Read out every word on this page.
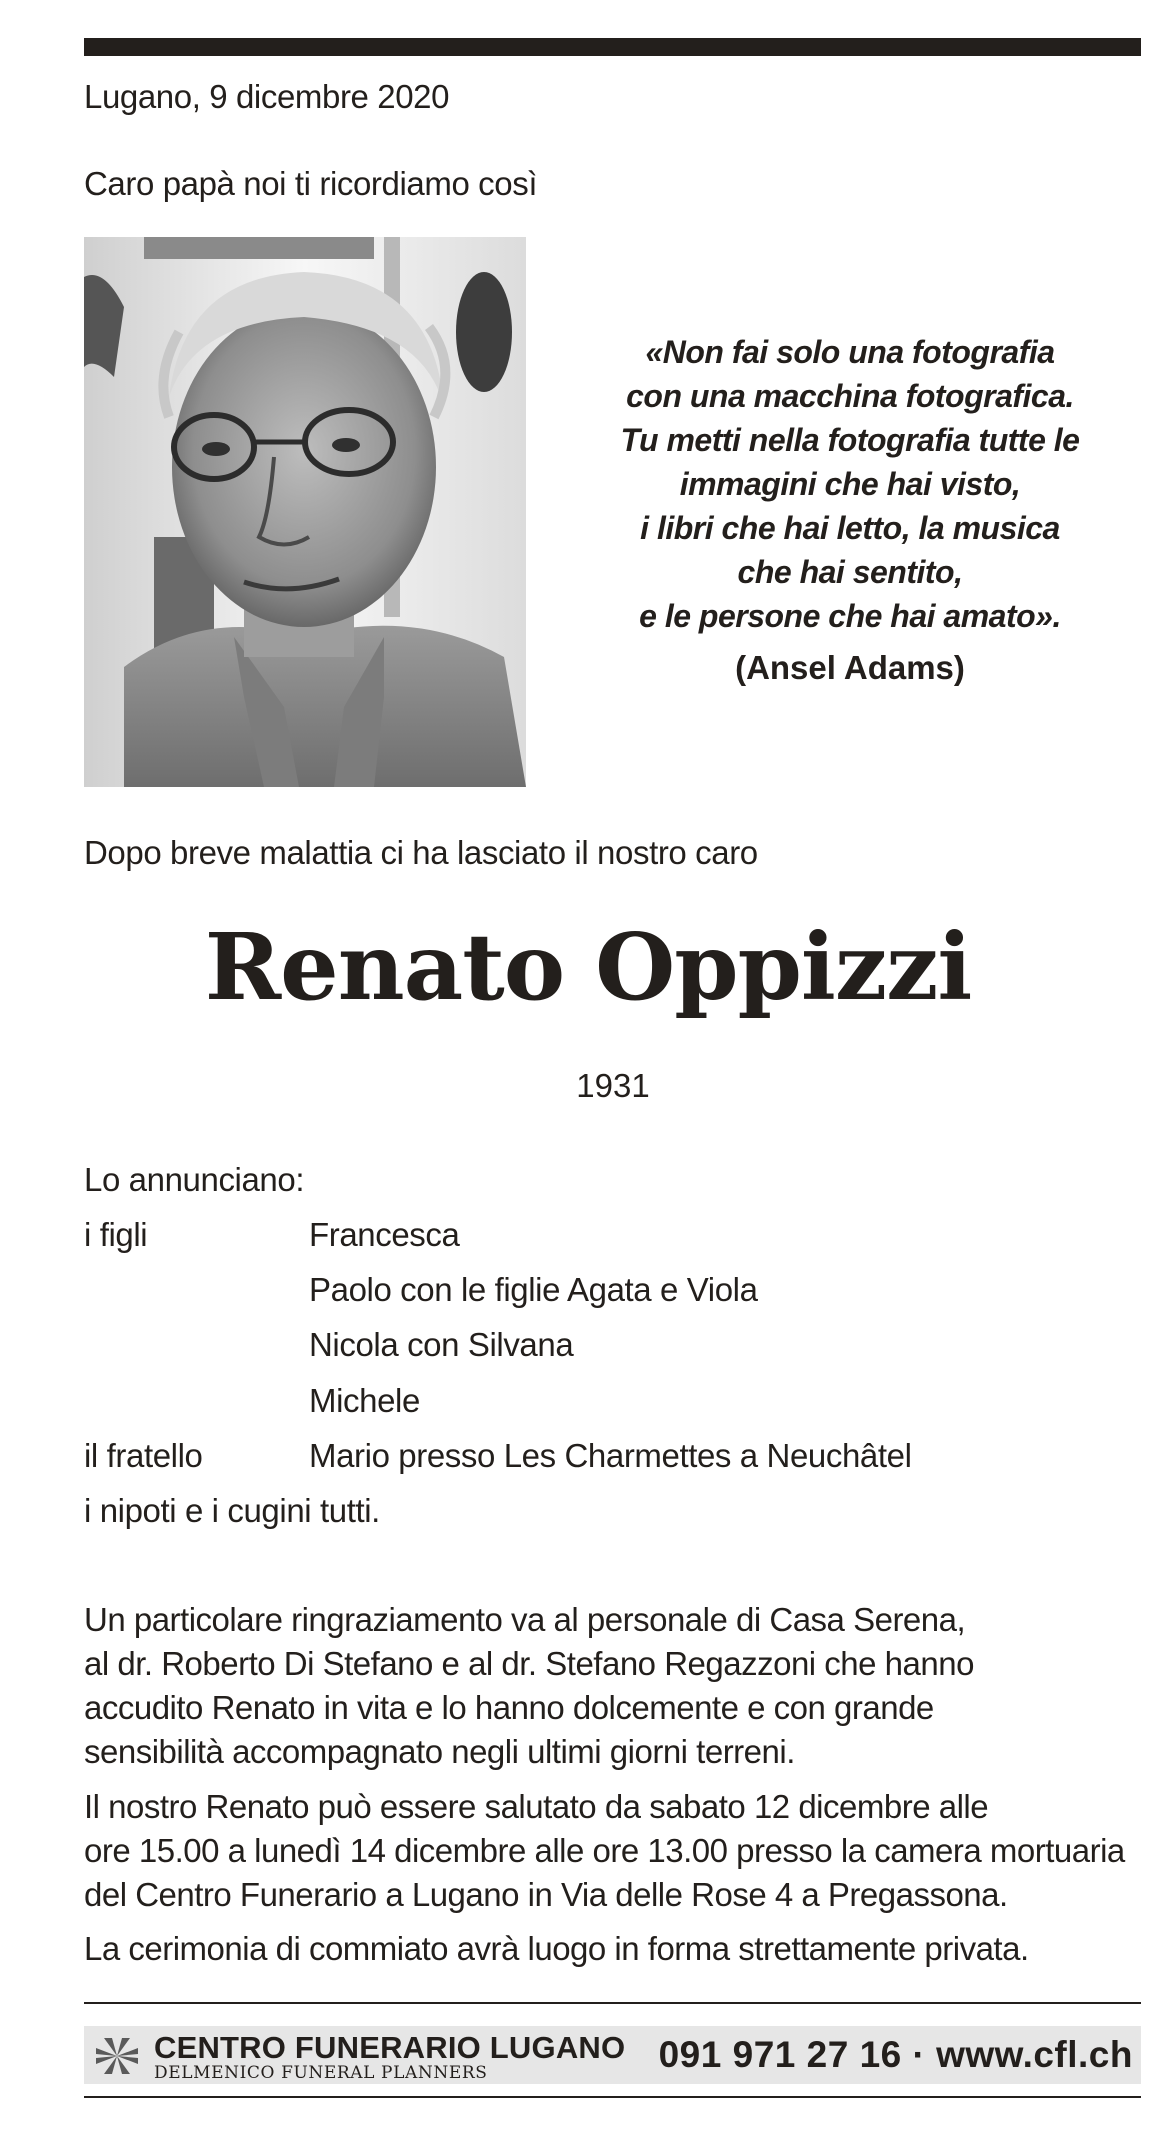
Lugano, 9 dicembre 2020
Caro papà noi ti ricordiamo così
«Non fai solo una fotografia
con una macchina fotografica.
Tu metti nella fotografia tutte le
immagini che hai visto,
i libri che hai letto, la musica
che hai sentito,
e le persone che hai amato».
(Ansel Adams)
Dopo breve malattia ci ha lasciato il nostro caro
Renato Oppizzi
1931
Lo annunciano:
i figli	Francesca
Paolo con le figlie Agata e Viola
Nicola con Silvana
Michele
il fratello	Mario presso Les Charmettes a Neuchâtel
i nipoti e i cugini tutti.
Un particolare ringraziamento va al personale di Casa Serena,
al dr. Roberto Di Stefano e al dr. Stefano Regazzoni che hanno
accudito Renato in vita e lo hanno dolcemente e con grande
sensibilità accompagnato negli ultimi giorni terreni.
Il nostro Renato può essere salutato da sabato 12 dicembre alle
ore 15.00 a lunedì 14 dicembre alle ore 13.00 presso la camera mortuaria
del Centro Funerario a Lugano in Via delle Rose 4 a Pregassona.
La cerimonia di commiato avrà luogo in forma strettamente privata.
CENTRO FUNERARIO LUGANO
DELMENICO FUNERAL PLANNERS	091 971 27 16 · www.cfl.ch
